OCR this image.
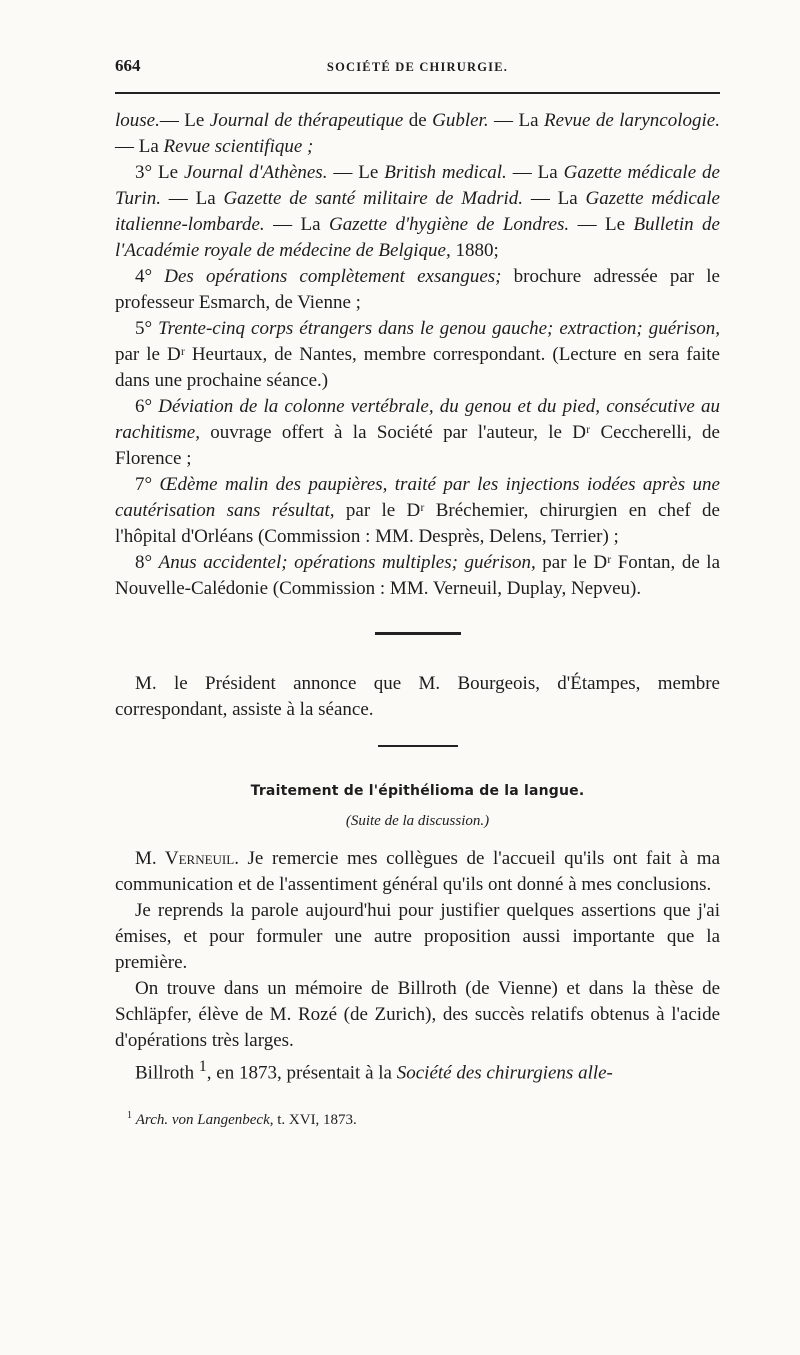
664	SOCIÉTÉ DE CHIRURGIE.

louse.— Le Journal de thérapeutique de Gubler. — La Revue de laryncologie. — La Revue scientifique ;

3° Le Journal d'Athènes. — Le British medical. — La Gazette médicale de Turin. — La Gazette de santé militaire de Madrid. — La Gazette médicale italienne-lombarde. — La Gazette d'hygiène de Londres. — Le Bulletin de l'Académie royale de médecine de Belgique, 1880;

4° Des opérations complètement exsangues; brochure adressée par le professeur Esmarch, de Vienne ;

5° Trente-cinq corps étrangers dans le genou gauche; extraction; guérison, par le Dʳ Heurtaux, de Nantes, membre correspondant. (Lecture en sera faite dans une prochaine séance.)

6° Déviation de la colonne vertébrale, du genou et du pied, consécutive au rachitisme, ouvrage offert à la Société par l'auteur, le Dʳ Ceccherelli, de Florence ;

7° Œdème malin des paupières, traité par les injections iodées après une cautérisation sans résultat, par le Dʳ Bréchemier, chirurgien en chef de l'hôpital d'Orléans (Commission : MM. Desprès, Delens, Terrier) ;

8° Anus accidentel; opérations multiples; guérison, par le Dʳ Fontan, de la Nouvelle-Calédonie (Commission : MM. Verneuil, Duplay, Nepveu).

M. le Président annonce que M. Bourgeois, d'Étampes, membre correspondant, assiste à la séance.

Traitement de l'épithélioma de la langue.
(Suite de la discussion.)

M. Verneuil. Je remercie mes collègues de l'accueil qu'ils ont fait à ma communication et de l'assentiment général qu'ils ont donné à mes conclusions.

Je reprends la parole aujourd'hui pour justifier quelques assertions que j'ai émises, et pour formuler une autre proposition aussi importante que la première.

On trouve dans un mémoire de Billroth (de Vienne) et dans la thèse de Schläpfer, élève de M. Rozé (de Zurich), des succès relatifs obtenus à l'acide d'opérations très larges.

Billroth $^1$, en 1873, présentait à la Société des chirurgiens alle-

$^1$ Arch. von Langenbeck, t. XVI, 1873.
